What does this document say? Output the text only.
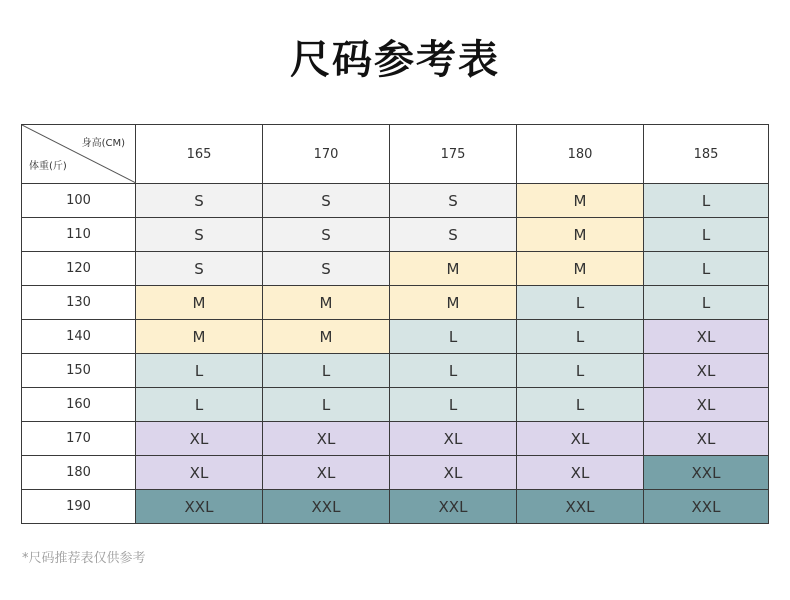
尺码参考表
身高(CM)
体重(斤)	165	170	175	180	185
100	S	S	S	M	L
110	S	S	S	M	L
120	S	S	M	M	L
130	M	M	M	L	L
140	M	M	L	L	XL
150	L	L	L	L	XL
160	L	L	L	L	XL
170	XL	XL	XL	XL	XL
180	XL	XL	XL	XL	XXL
190	XXL	XXL	XXL	XXL	XXL
*尺码推荐表仅供参考
